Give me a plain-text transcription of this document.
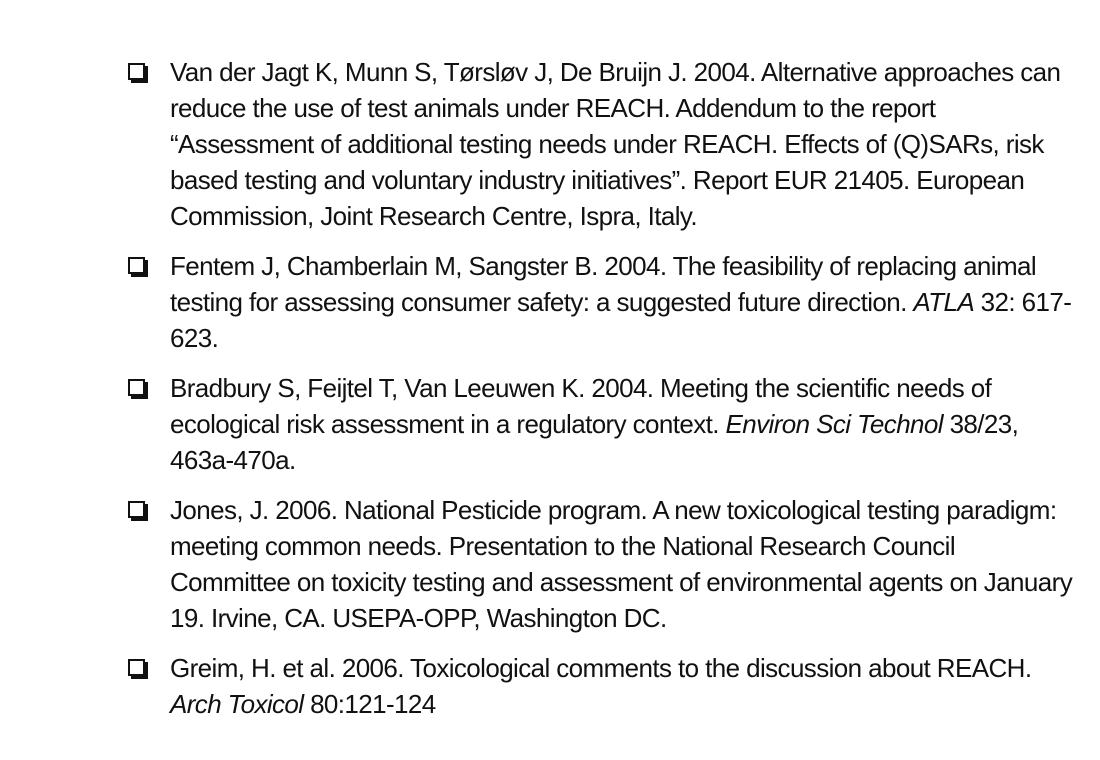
Van der Jagt K, Munn S, Tørsløv J, De Bruijn J. 2004. Alternative approaches can reduce the use of test animals under REACH. Addendum to the report “Assessment of additional testing needs under REACH. Effects of (Q)SARs, risk based testing and voluntary industry initiatives”. Report EUR 21405. European Commission, Joint Research Centre, Ispra, Italy.
Fentem J, Chamberlain M, Sangster B. 2004. The feasibility of replacing animal testing for assessing consumer safety: a suggested future direction. ATLA 32: 617-623.
Bradbury S, Feijtel T, Van Leeuwen K. 2004. Meeting the scientific needs of ecological risk assessment in a regulatory context. Environ Sci Technol 38/23, 463a-470a.
Jones, J. 2006. National Pesticide program. A new toxicological testing paradigm: meeting common needs. Presentation to the National Research Council Committee on toxicity testing and assessment of environmental agents on January 19. Irvine, CA. USEPA-OPP, Washington DC.
Greim, H. et al. 2006. Toxicological comments to the discussion about REACH. Arch Toxicol 80:121-124
